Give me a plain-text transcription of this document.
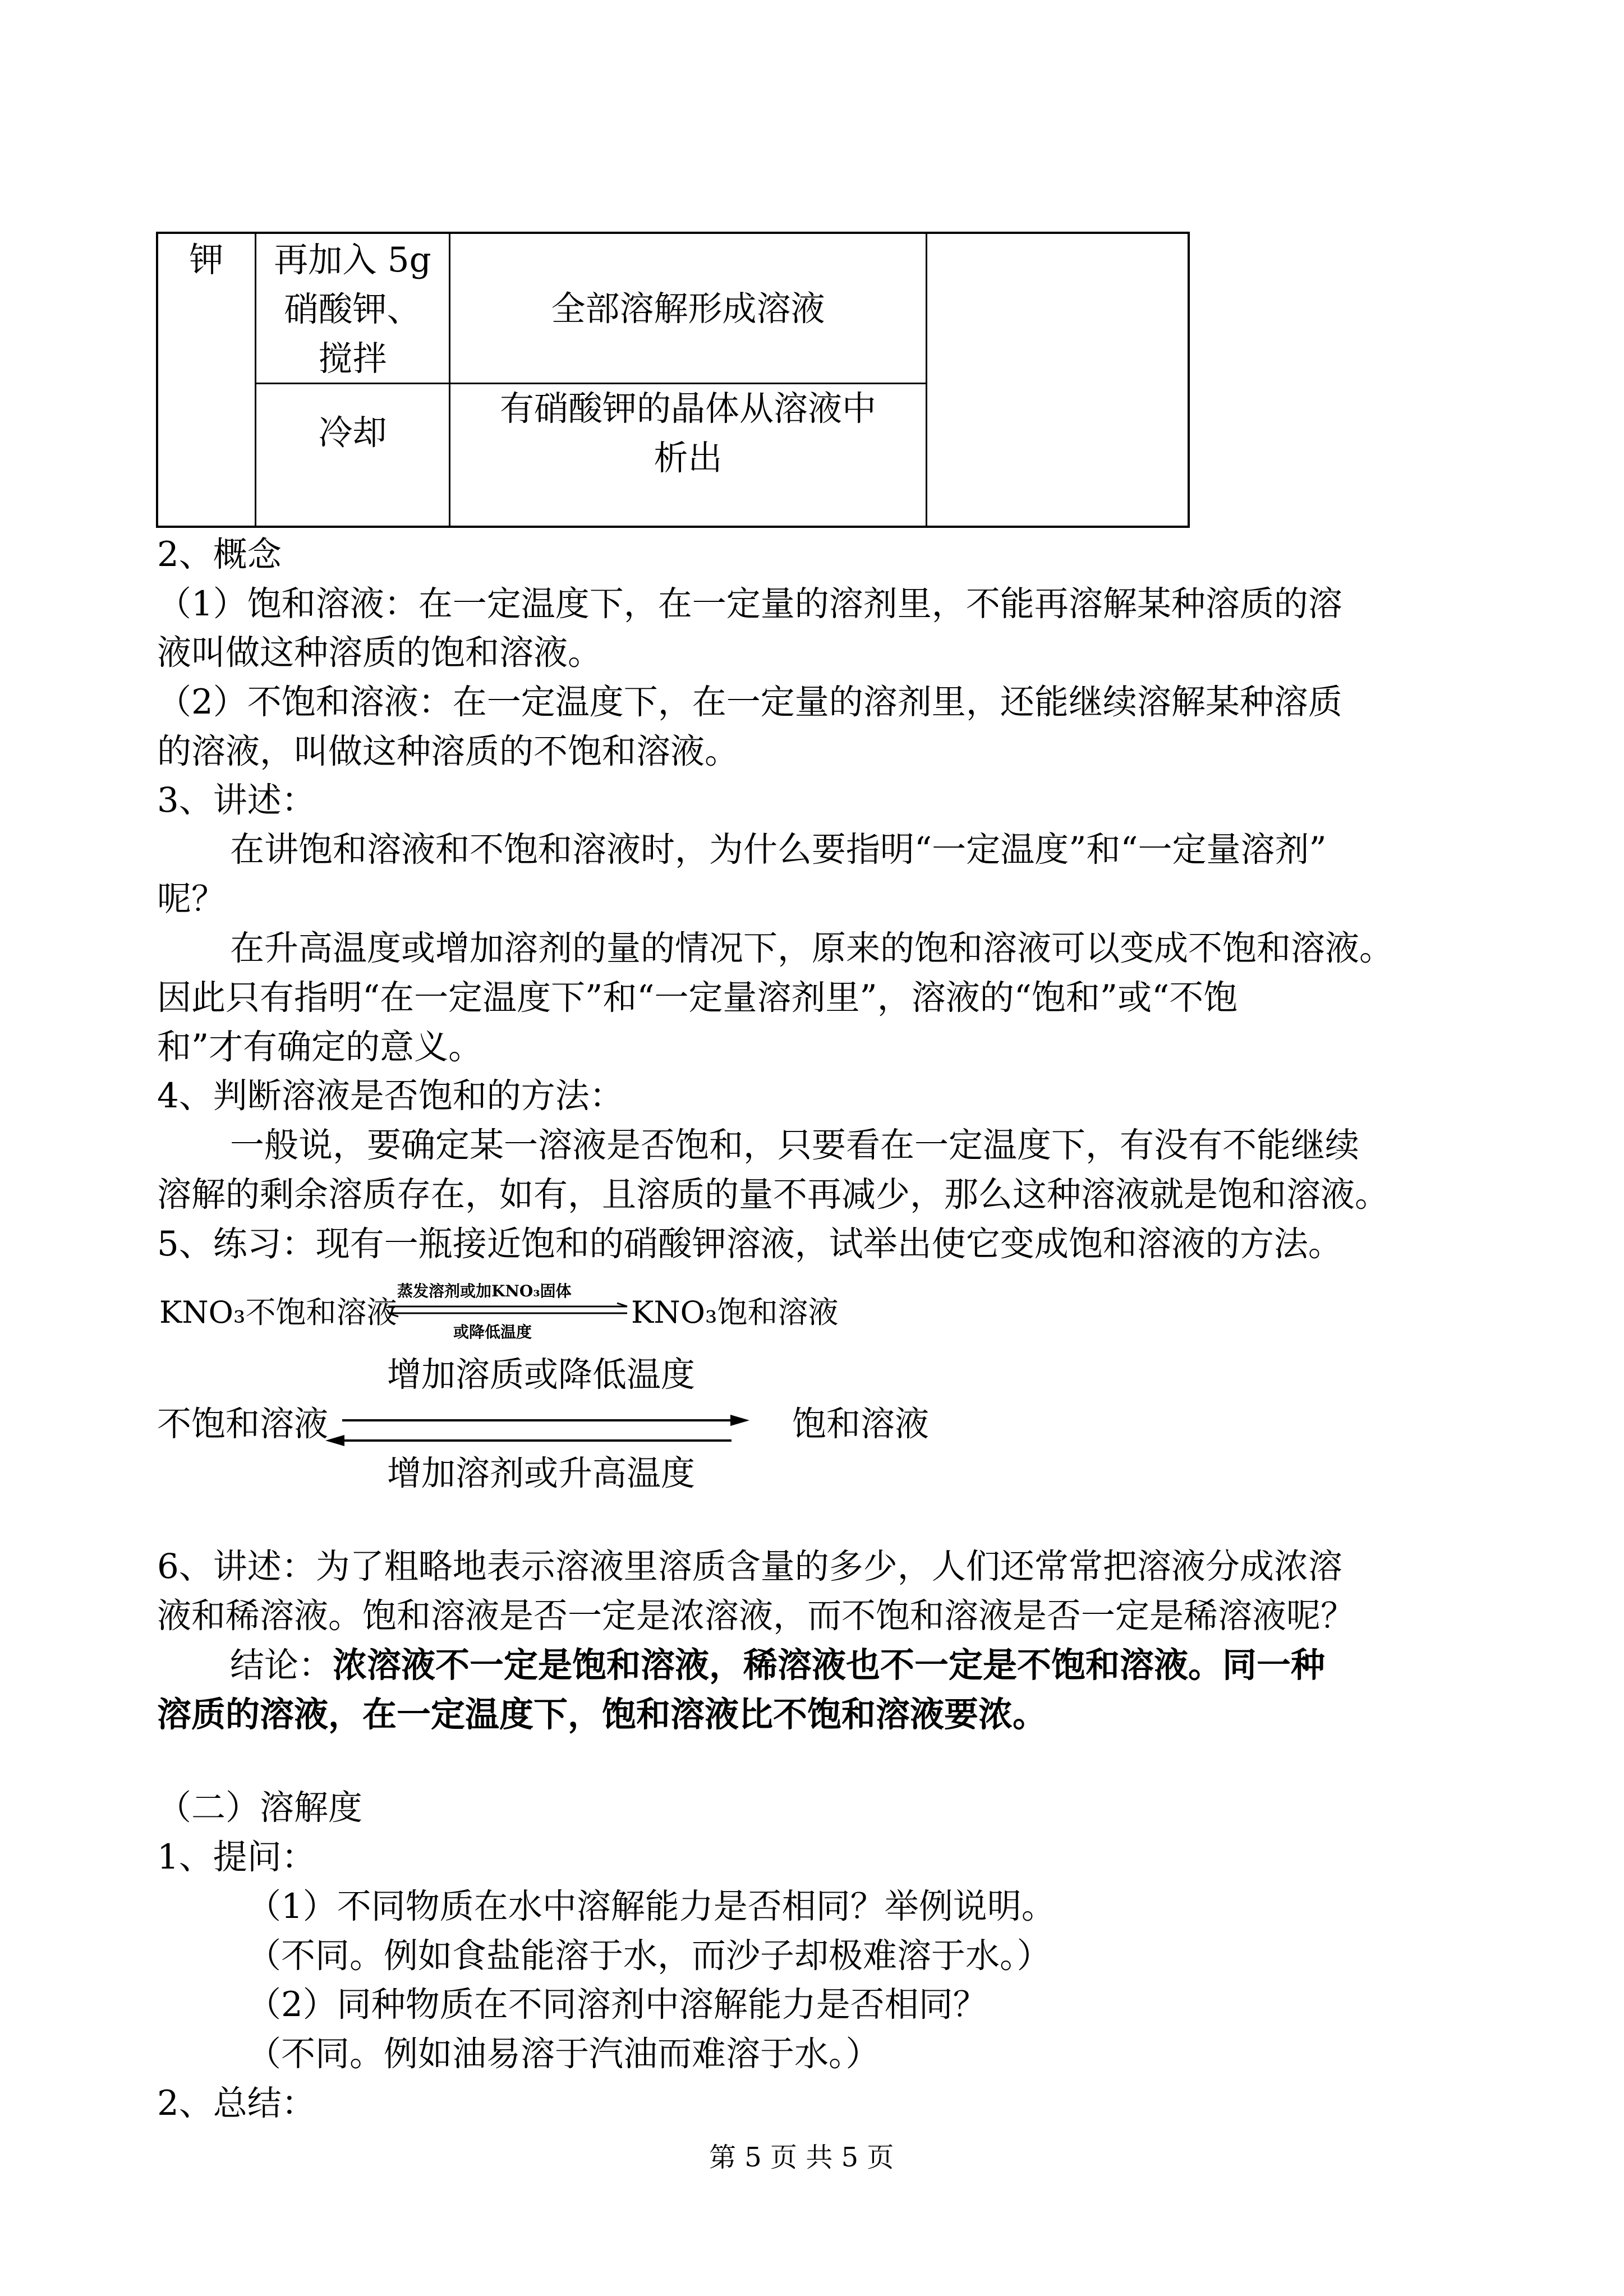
钾	再加入 5g
硝酸钾、
搅拌
全部溶解形成溶液
冷却
有硝酸钾的晶体从溶液中
析出
2、概念
（1）饱和溶液：在一定温度下，在一定量的溶剂里，不能再溶解某种溶质的溶
液叫做这种溶质的饱和溶液。
（2）不饱和溶液：在一定温度下，在一定量的溶剂里，还能继续溶解某种溶质
的溶液，叫做这种溶质的不饱和溶液。
3、讲述：
在讲饱和溶液和不饱和溶液时，为什么要指明“一定温度”和“一定量溶剂”
呢？
在升高温度或增加溶剂的量的情况下，原来的饱和溶液可以变成不饱和溶液。
因此只有指明“在一定温度下”和“一定量溶剂里”，溶液的“饱和”或“不饱
和”才有确定的意义。
4、判断溶液是否饱和的方法：
一般说，要确定某一溶液是否饱和，只要看在一定温度下，有没有不能继续
溶解的剩余溶质存在，如有，且溶质的量不再减少，那么这种溶液就是饱和溶液。
5、练习：现有一瓶接近饱和的硝酸钾溶液，试举出使它变成饱和溶液的方法。
KNO₃不饱和溶液
蒸发溶剂或加KNO₃固体
或降低温度
KNO₃饱和溶液
增加溶质或降低温度
不饱和溶液	饱和溶液
增加溶剂或升高温度
6、讲述：为了粗略地表示溶液里溶质含量的多少，人们还常常把溶液分成浓溶
液和稀溶液。饱和溶液是否一定是浓溶液，而不饱和溶液是否一定是稀溶液呢？
结论：浓溶液不一定是饱和溶液，稀溶液也不一定是不饱和溶液。同一种
溶质的溶液，在一定温度下，饱和溶液比不饱和溶液要浓。
（二）溶解度
1、提问：
（1）不同物质在水中溶解能力是否相同？举例说明。
（不同。例如食盐能溶于水，而沙子却极难溶于水。）
（2）同种物质在不同溶剂中溶解能力是否相同？
（不同。例如油易溶于汽油而难溶于水。）
2、总结：
第 5 页 共 5 页
